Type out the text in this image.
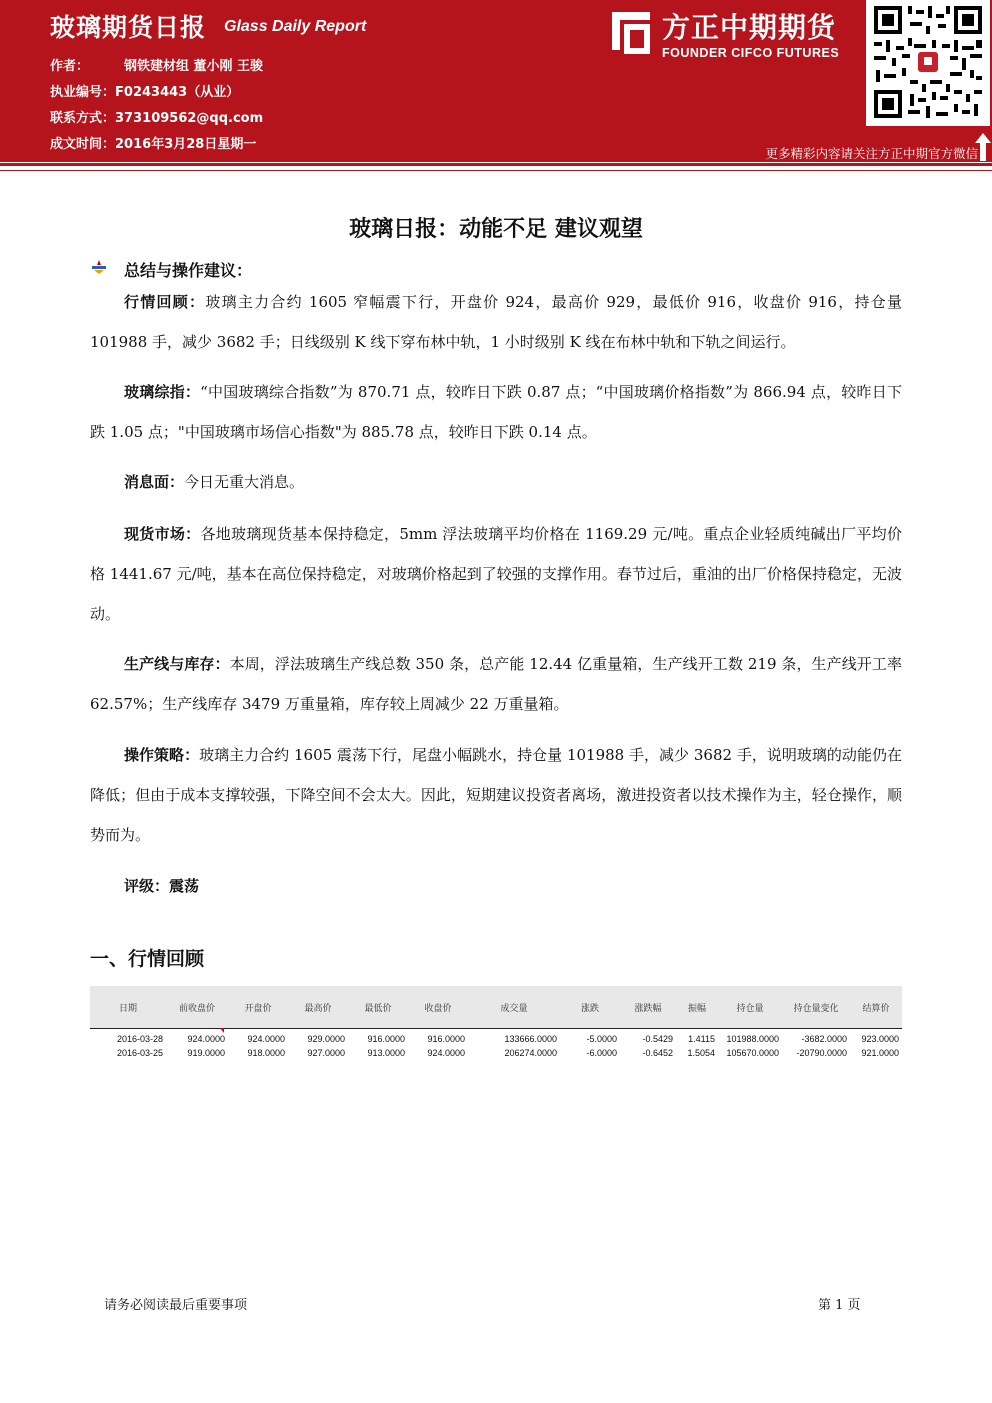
玻璃期货日报 Glass Daily Report
作者：	钢铁建材组 董小刚 王骏
执业编号：F0243443（从业）
联系方式：373109562@qq.com
成文时间：2016年3月28日星期一
方正中期期货
FOUNDER CIFCO FUTURES
更多精彩内容请关注方正中期官方微信
玻璃日报：动能不足 建议观望
总结与操作建议：
行情回顾：玻璃主力合约 1605 窄幅震下行，开盘价 924，最高价 929，最低价 916，收盘价 916，持仓量 101988 手，减少 3682 手；日线级别 K 线下穿布林中轨，1 小时级别 K 线在布林中轨和下轨之间运行。
玻璃综指：“中国玻璃综合指数”为 870.71 点，较昨日下跌 0.87 点；“中国玻璃价格指数”为 866.94 点，较昨日下跌 1.05 点；"中国玻璃市场信心指数"为 885.78 点，较昨日下跌 0.14 点。
消息面：今日无重大消息。
现货市场：各地玻璃现货基本保持稳定，5mm 浮法玻璃平均价格在 1169.29 元/吨。重点企业轻质纯碱出厂平均价格 1441.67 元/吨，基本在高位保持稳定，对玻璃价格起到了较强的支撑作用。春节过后，重油的出厂价格保持稳定，无波动。
生产线与库存：本周，浮法玻璃生产线总数 350 条，总产能 12.44 亿重量箱，生产线开工数 219 条，生产线开工率 62.57%；生产线库存 3479 万重量箱，库存较上周减少 22 万重量箱。
操作策略：玻璃主力合约 1605 震荡下行，尾盘小幅跳水，持仓量 101988 手，减少 3682 手，说明玻璃的动能仍在降低；但由于成本支撑较强，下降空间不会太大。因此，短期建议投资者离场，激进投资者以技术操作为主，轻仓操作，顺势而为。
评级：震荡
一、行情回顾
日期	前收盘价	开盘价	最高价	最低价	收盘价	成交量	涨跌	涨跌幅	振幅	持仓量	持仓量变化	结算价
2016-03-28	924.0000	924.0000	929.0000	916.0000	916.0000	133666.0000	-5.0000	-0.5429	1.4115	101988.0000	-3682.0000	923.0000
2016-03-25	919.0000	918.0000	927.0000	913.0000	924.0000	206274.0000	-6.0000	-0.6452	1.5054	105670.0000	-20790.0000	921.0000
请务必阅读最后重要事项	第 1 页
